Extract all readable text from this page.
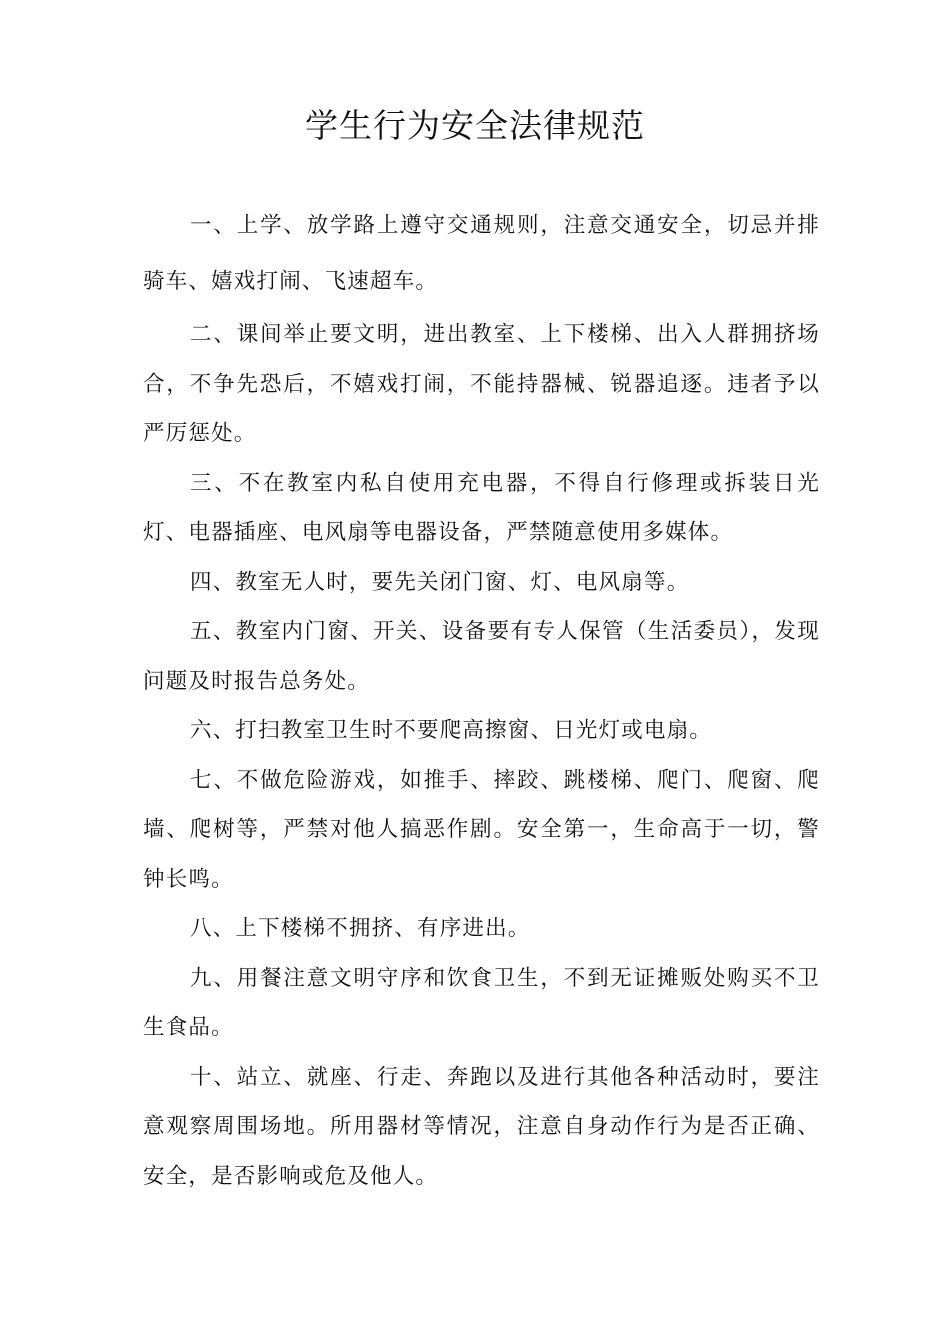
学生行为安全法律规范

一、上学、放学路上遵守交通规则，注意交通安全，切忌并排骑车、嬉戏打闹、飞速超车。

二、课间举止要文明，进出教室、上下楼梯、出入人群拥挤场合，不争先恐后，不嬉戏打闹，不能持器械、锐器追逐。违者予以严厉惩处。

三、不在教室内私自使用充电器，不得自行修理或拆装日光灯、电器插座、电风扇等电器设备，严禁随意使用多媒体。

四、教室无人时，要先关闭门窗、灯、电风扇等。

五、教室内门窗、开关、设备要有专人保管（生活委员），发现问题及时报告总务处。

六、打扫教室卫生时不要爬高擦窗、日光灯或电扇。

七、不做危险游戏，如推手、摔跤、跳楼梯、爬门、爬窗、爬墙、爬树等，严禁对他人搞恶作剧。安全第一，生命高于一切，警钟长鸣。

八、上下楼梯不拥挤、有序进出。

九、用餐注意文明守序和饮食卫生，不到无证摊贩处购买不卫生食品。

十、站立、就座、行走、奔跑以及进行其他各种活动时，要注意观察周围场地。所用器材等情况，注意自身动作行为是否正确、安全，是否影响或危及他人。
